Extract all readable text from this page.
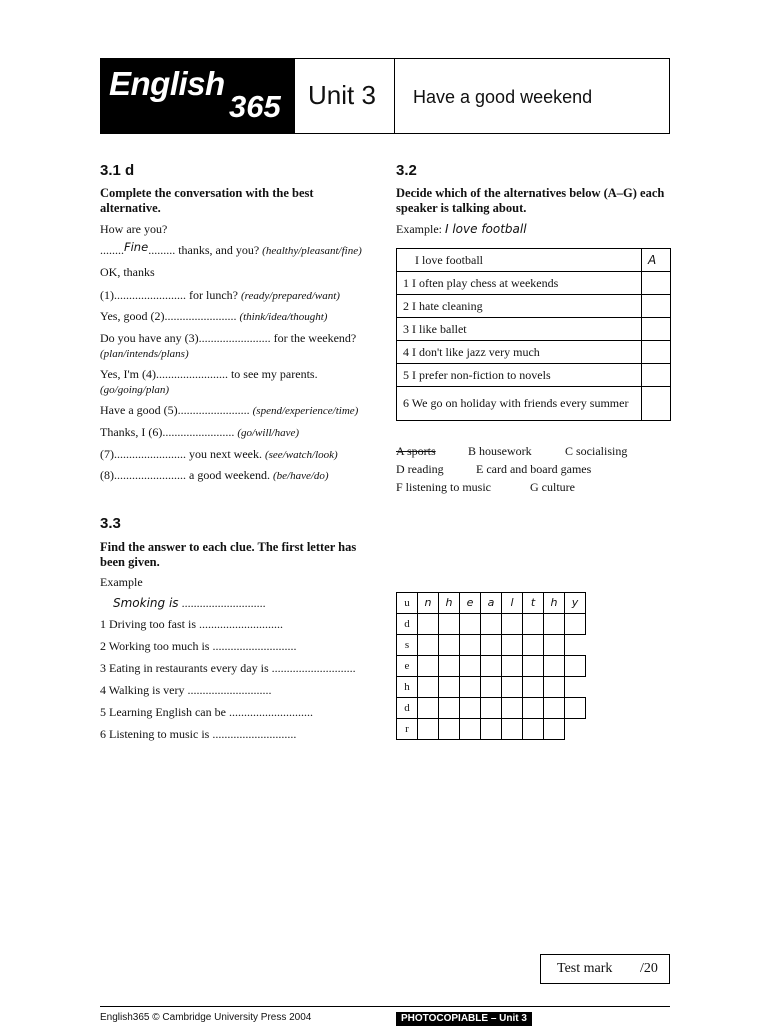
English
365 Unit 3 Have a good weekend
3.1 d
Complete the conversation with the best alternative.
How are you?
........Fine......... thanks, and you? (healthy/pleasant/fine)
OK, thanks
(1)........................ for lunch? (ready/prepared/want)
Yes, good (2)........................ (think/idea/thought)
Do you have any (3)........................ for the weekend?
(plan/intends/plans)
Yes, I'm (4)........................ to see my parents.
(go/going/plan)
Have a good (5)........................ (spend/experience/time)
Thanks, I (6)........................ (go/will/have)
(7)........................ you next week. (see/watch/look)
(8)........................ a good weekend. (be/have/do)
3.2
Decide which of the alternatives below (A–G) each speaker is talking about.
Example: I love football
I love football	A
1 I often play chess at weekends	
2 I hate cleaning	
3 I like ballet	
4 I don't like jazz very much	
5 I prefer non-fiction to novels	
6 We go on holiday with friends every summer	
A sports	B housework	C socialising
D reading	E card and board games
F listening to music	G culture
3.3
Find the answer to each clue. The first letter has been given.
Example
Smoking is ............................
1 Driving too fast is ............................
2 Working too much is ............................
3 Eating in restaurants every day is ............................
4 Walking is very ............................
5 Learning English can be ............................
6 Listening to music is ............................
u	n	h	e	a	l	t	h	y
d
s
e
h
d
r
Test mark /20
English365 © Cambridge University Press 2004	PHOTOCOPIABLE – Unit 3
